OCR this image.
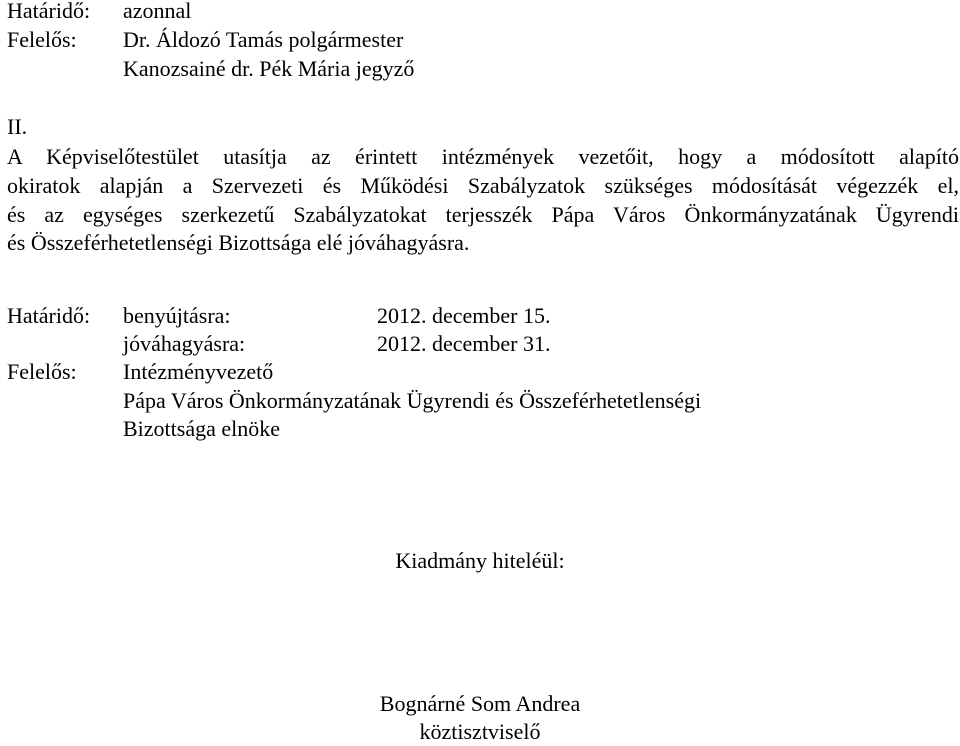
Határidő: azonnal
Felelős: Dr. Áldozó Tamás polgármester
Kanozsainé dr. Pék Mária jegyző
II.
A Képviselőtestület utasítja az érintett intézmények vezetőit, hogy a módosított alapító
okiratok alapján a Szervezeti és Működési Szabályzatok szükséges módosítását végezzék el,
és az egységes szerkezetű Szabályzatokat terjesszék Pápa Város Önkormányzatának Ügyrendi
és Összeférhetetlenségi Bizottsága elé jóváhagyásra.
Határidő: benyújtásra:	2012. december 15.
jóváhagyásra:	2012. december 31.
Felelős: Intézményvezető
Pápa Város Önkormányzatának Ügyrendi és Összeférhetetlenségi
Bizottsága elnöke
Kiadmány hiteléül:
Bognárné Som Andrea
köztisztviselő
